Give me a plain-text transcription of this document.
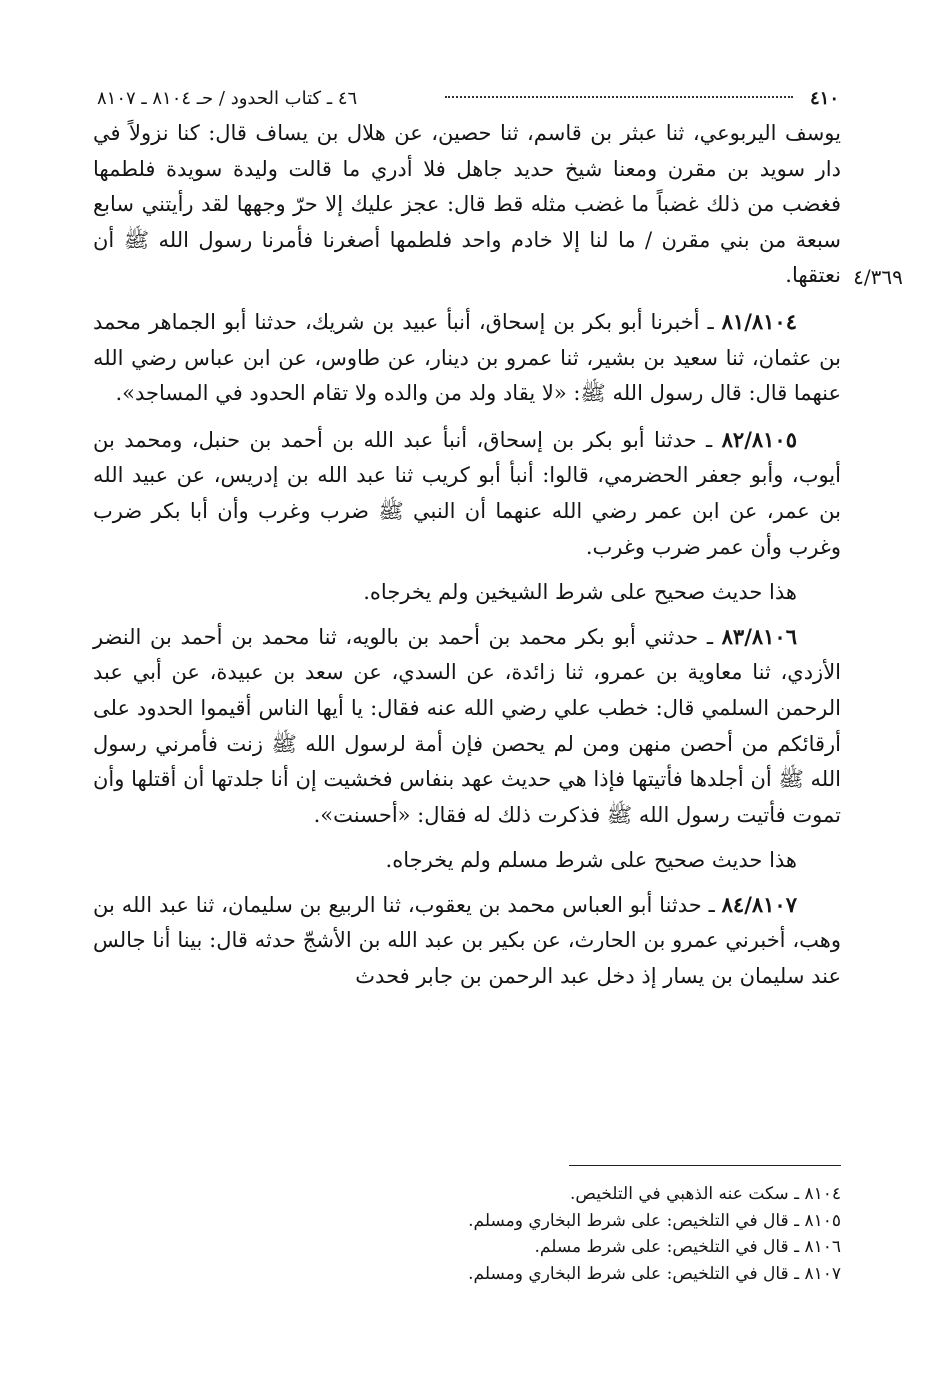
٤١٠
٤٦ ـ كتاب الحدود / حـ ٨١٠٤ ـ ٨١٠٧
٤/٣٦٩

يوسف اليربوعي، ثنا عبثر بن قاسم، ثنا حصين، عن هلال بن يساف قال: كنا نزولاً في دار سويد بن مقرن ومعنا شيخ حديد جاهل فلا أدري ما قالت وليدة سويدة فلطمها فغضب من ذلك غضباً ما غضب مثله قط قال: عجز عليك إلا حرّ وجهها لقد رأيتني سابع سبعة من بني مقرن / ما لنا إلا خادم واحد فلطمها أصغرنا فأمرنا رسول الله ﷺ أن نعتقها.

٨١/٨١٠٤ ـ أخبرنا أبو بكر بن إسحاق، أنبأ عبيد بن شريك، حدثنا أبو الجماهر محمد بن عثمان، ثنا سعيد بن بشير، ثنا عمرو بن دينار، عن طاوس، عن ابن عباس رضي الله عنهما قال: قال رسول الله ﷺ: «لا يقاد ولد من والده ولا تقام الحدود في المساجد».

٨٢/٨١٠٥ ـ حدثنا أبو بكر بن إسحاق، أنبأ عبد الله بن أحمد بن حنبل، ومحمد بن أيوب، وأبو جعفر الحضرمي، قالوا: أنبأ أبو كريب ثنا عبد الله بن إدريس، عن عبيد الله بن عمر، عن ابن عمر رضي الله عنهما أن النبي ﷺ ضرب وغرب وأن أبا بكر ضرب وغرب وأن عمر ضرب وغرب.

هذا حديث صحيح على شرط الشيخين ولم يخرجاه.

٨٣/٨١٠٦ ـ حدثني أبو بكر محمد بن أحمد بن بالويه، ثنا محمد بن أحمد بن النضر الأزدي، ثنا معاوية بن عمرو، ثنا زائدة، عن السدي، عن سعد بن عبيدة، عن أبي عبد الرحمن السلمي قال: خطب علي رضي الله عنه فقال: يا أيها الناس أقيموا الحدود على أرقائكم من أحصن منهن ومن لم يحصن فإن أمة لرسول الله ﷺ زنت فأمرني رسول الله ﷺ أن أجلدها فأتيتها فإذا هي حديث عهد بنفاس فخشيت إن أنا جلدتها أن أقتلها وأن تموت فأتيت رسول الله ﷺ فذكرت ذلك له فقال: «أحسنت».

هذا حديث صحيح على شرط مسلم ولم يخرجاه.

٨٤/٨١٠٧ ـ حدثنا أبو العباس محمد بن يعقوب، ثنا الربيع بن سليمان، ثنا عبد الله بن وهب، أخبرني عمرو بن الحارث، عن بكير بن عبد الله بن الأشجّ حدثه قال: بينا أنا جالس عند سليمان بن يسار إذ دخل عبد الرحمن بن جابر فحدث

٨١٠٤ ـ سكت عنه الذهبي في التلخيص.
٨١٠٥ ـ قال في التلخيص: على شرط البخاري ومسلم.
٨١٠٦ ـ قال في التلخيص: على شرط مسلم.
٨١٠٧ ـ قال في التلخيص: على شرط البخاري ومسلم.
